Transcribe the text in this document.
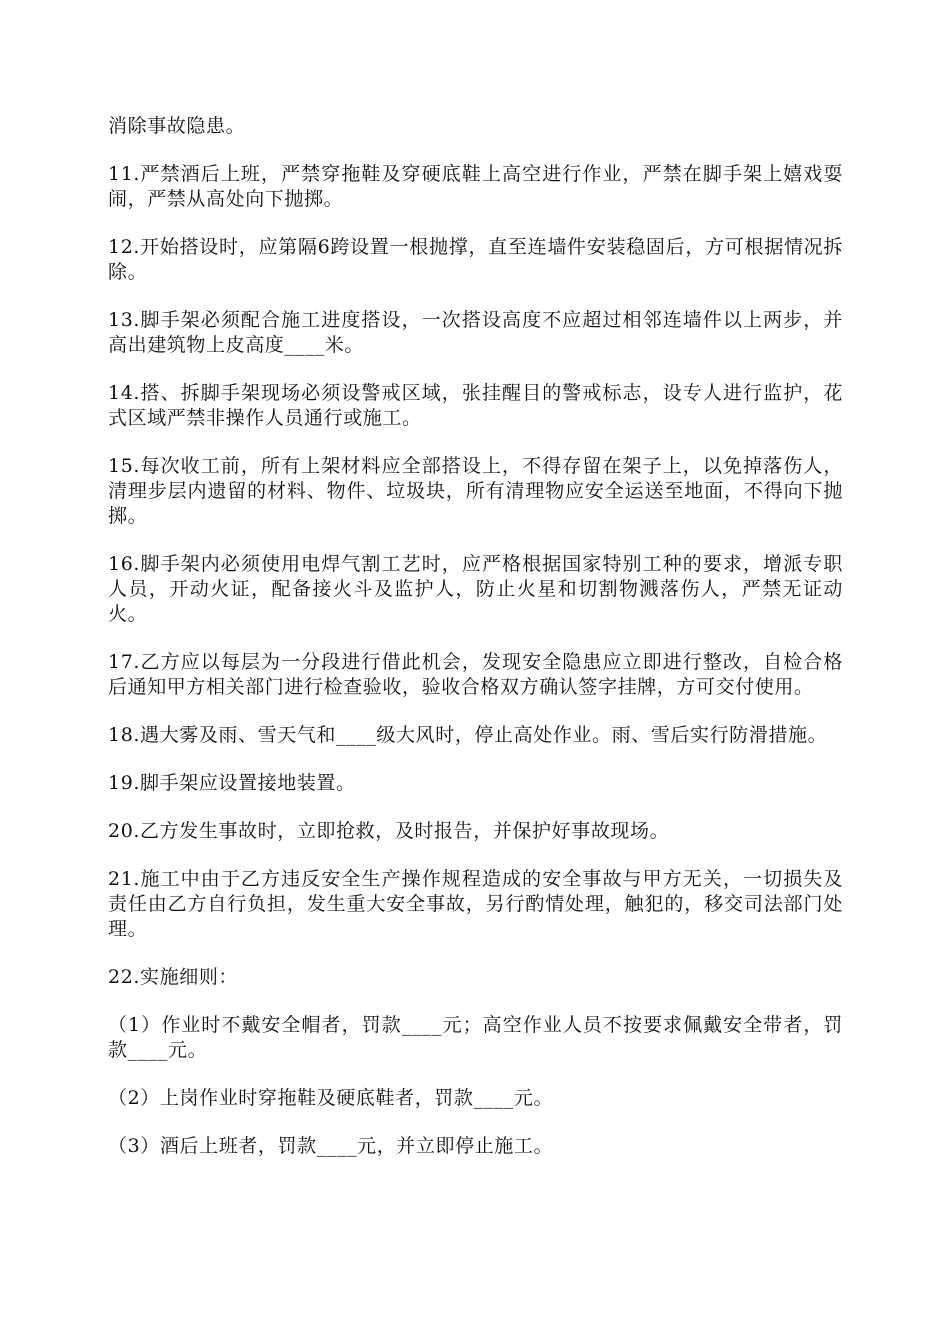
消除事故隐患。

11.严禁酒后上班，严禁穿拖鞋及穿硬底鞋上高空进行作业，严禁在脚手架上嬉戏耍闹，严禁从高处向下抛掷。

12.开始搭设时，应第隔6跨设置一根抛撑，直至连墙件安装稳固后，方可根据情况拆除。

13.脚手架必须配合施工进度搭设，一次搭设高度不应超过相邻连墙件以上两步，并高出建筑物上皮高度____米。

14.搭、拆脚手架现场必须设警戒区域，张挂醒目的警戒标志，设专人进行监护，花式区域严禁非操作人员通行或施工。

15.每次收工前，所有上架材料应全部搭设上，不得存留在架子上，以免掉落伤人，清理步层内遗留的材料、物件、垃圾块，所有清理物应安全运送至地面，不得向下抛掷。

16.脚手架内必须使用电焊气割工艺时，应严格根据国家特别工种的要求，增派专职人员，开动火证，配备接火斗及监护人，防止火星和切割物溅落伤人，严禁无证动火。

17.乙方应以每层为一分段进行借此机会，发现安全隐患应立即进行整改，自检合格后通知甲方相关部门进行检查验收，验收合格双方确认签字挂牌，方可交付使用。

18.遇大雾及雨、雪天气和____级大风时，停止高处作业。雨、雪后实行防滑措施。

19.脚手架应设置接地装置。

20.乙方发生事故时，立即抢救，及时报告，并保护好事故现场。

21.施工中由于乙方违反安全生产操作规程造成的安全事故与甲方无关，一切损失及责任由乙方自行负担，发生重大安全事故，另行酌情处理，触犯的，移交司法部门处理。

22.实施细则：

（1）作业时不戴安全帽者，罚款____元；高空作业人员不按要求佩戴安全带者，罚款____元。

（2）上岗作业时穿拖鞋及硬底鞋者，罚款____元。

（3）酒后上班者，罚款____元，并立即停止施工。
